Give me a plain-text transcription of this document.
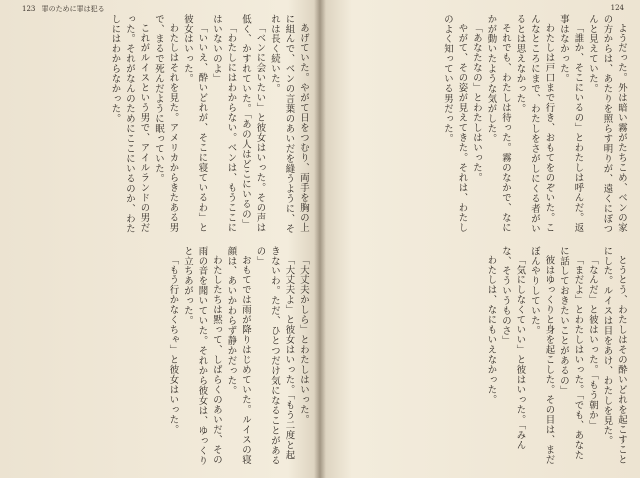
123 罪のために罪は犯る

あげていた。やがて日をつむり、両手を胸の上に組んで、ベンの言葉のあいだを縫うように、それは長く続いた。

「ベンに会いたい」と彼女はいった。その声は低く、かすれていた。「あの人はどこにいるの」

「わたしにはわからない。ベンは、もうここにはいないのよ」

「いいえ、酔いどれが、そこに寝ているわ」と彼女はいった。

わたしはそれを見た。アメリカからきたある男で、まるで死んだように眠っていた。

これがルイスという男で、アイルランドの男だった。それがなんのためにここにいるのか、わたしにはわからなかった。

「大丈夫かしら」とわたしはいった。

「大丈夫よ」と彼女はいった。「もう二度と起きないわ。ただ、ひとつだけ気になることがあるの」

おもてでは雨が降りはじめていた。ルイスの寝顔は、あいかわらず静かだった。

わたしたちは黙って、しばらくのあいだ、その雨の音を聞いていた。それから彼女は、ゆっくりと立ちあがった。

「もう行かなくちゃ」と彼女はいった。

124

ようだった。外は暗い霧がたちこめ、ベンの家の方からは、あたりを照らす明りが、遠くにぽつんと見えていた。

「誰か、そこにいるの」とわたしは呼んだ。返事はなかった。

わたしは戸口まで行き、おもてをのぞいた。こんなところにまで、わたしをさがしにくる者がいるとは思えなかった。

それでも、わたしは待った。霧のなかで、なにかが動いたような気がした。

「あなたなの」とわたしはいった。

やがて、その姿が見えてきた。それは、わたしのよく知っている男だった。

とうとう、わたしはその酔いどれを起こすことにした。ルイスは目をあけ、わたしを見た。

「なんだ」と彼はいった。「もう朝か」

「まだよ」とわたしはいった。「でも、あなたに話しておきたいことがあるの」

彼はゆっくりと身を起こした。その目は、まだぼんやりしていた。

「気にしなくていい」と彼はいった。「みんな、そういうものさ」

わたしは、なにもいえなかった。
